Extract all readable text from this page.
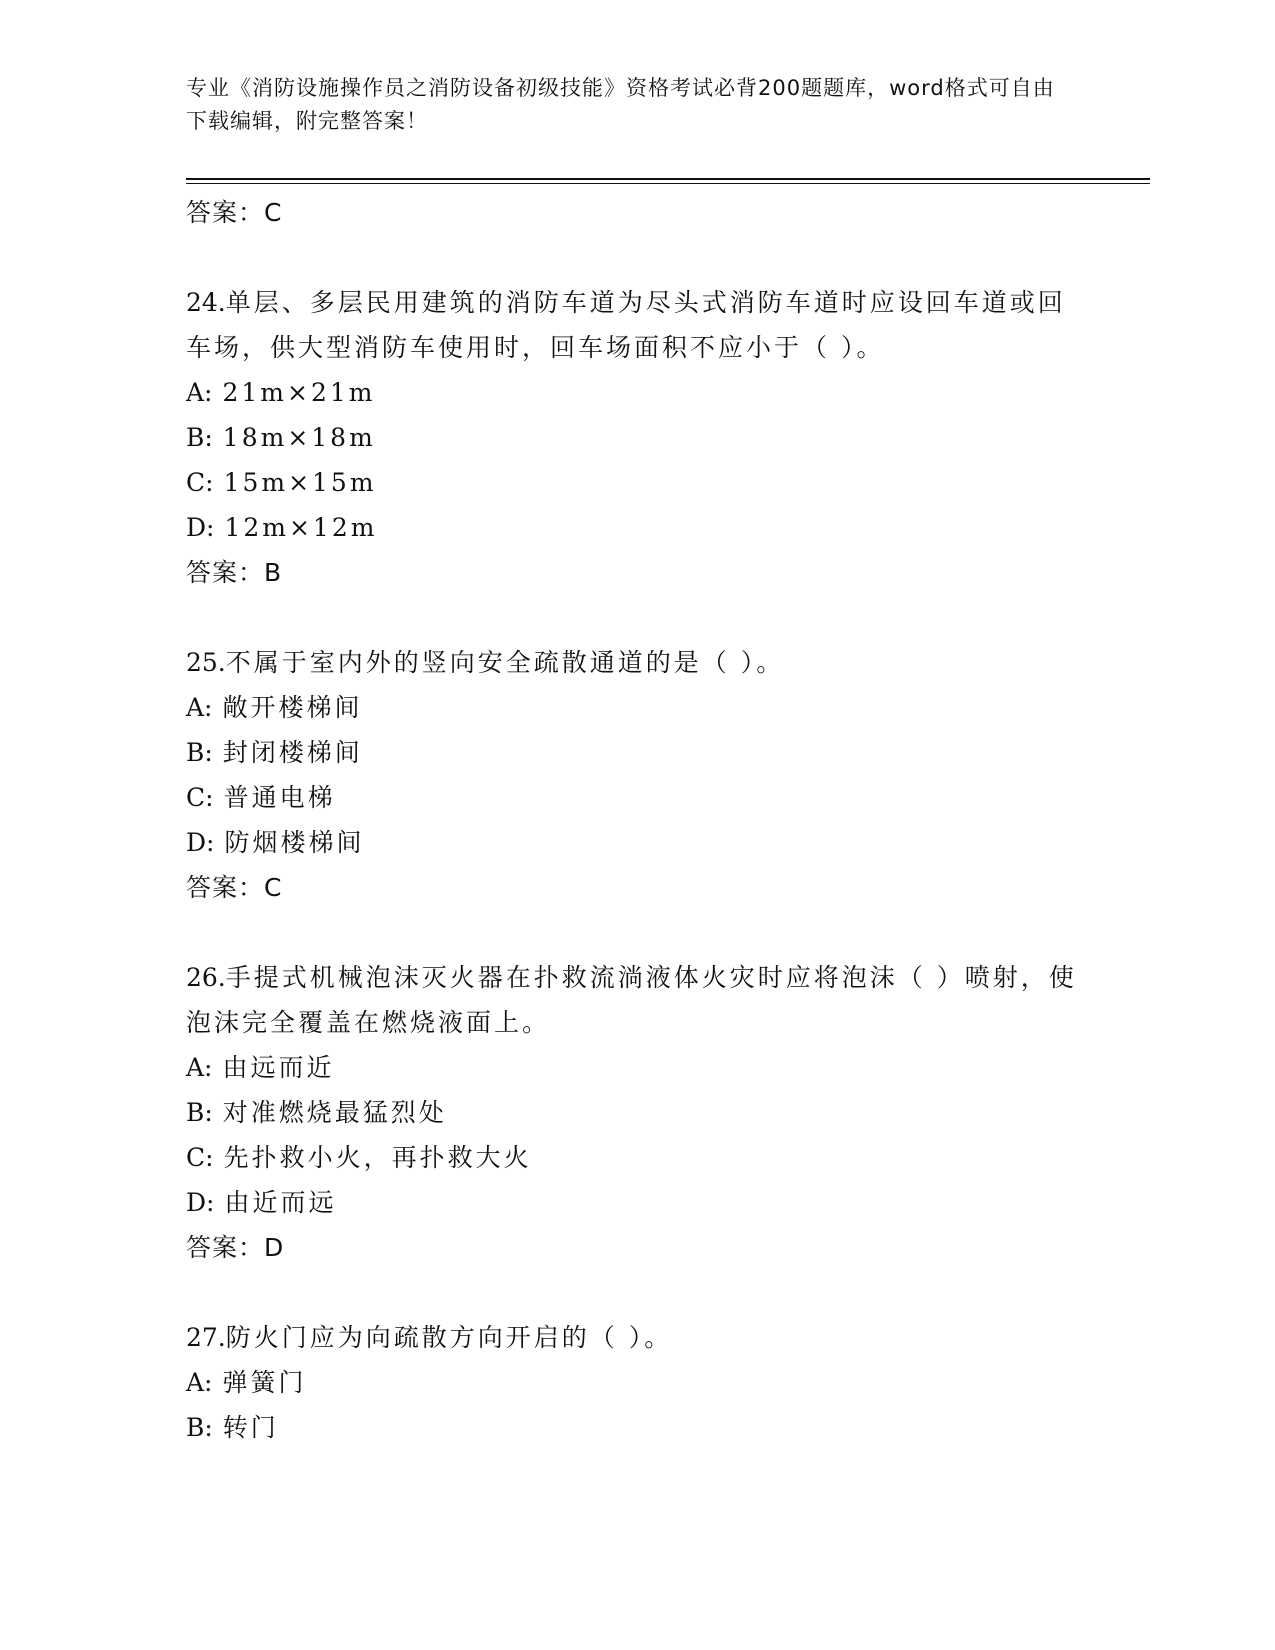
专业《消防设施操作员之消防设备初级技能》资格考试必背200题题库，word格式可自由下载编辑，附完整答案！
答案：C
24.单层、多层民用建筑的消防车道为尽头式消防车道时应设回车道或回车场，供大型消防车使用时，回车场面积不应小于（ ）。
A: 21m×21m
B: 18m×18m
C: 15m×15m
D: 12m×12m
答案：B
25.不属于室内外的竖向安全疏散通道的是（ ）。
A: 敞开楼梯间
B: 封闭楼梯间
C: 普通电梯
D: 防烟楼梯间
答案：C
26.手提式机械泡沫灭火器在扑救流淌液体火灾时应将泡沫（ ）喷射，使泡沫完全覆盖在燃烧液面上。
A: 由远而近
B: 对准燃烧最猛烈处
C: 先扑救小火，再扑救大火
D: 由近而远
答案：D
27.防火门应为向疏散方向开启的（ ）。
A: 弹簧门
B: 转门
